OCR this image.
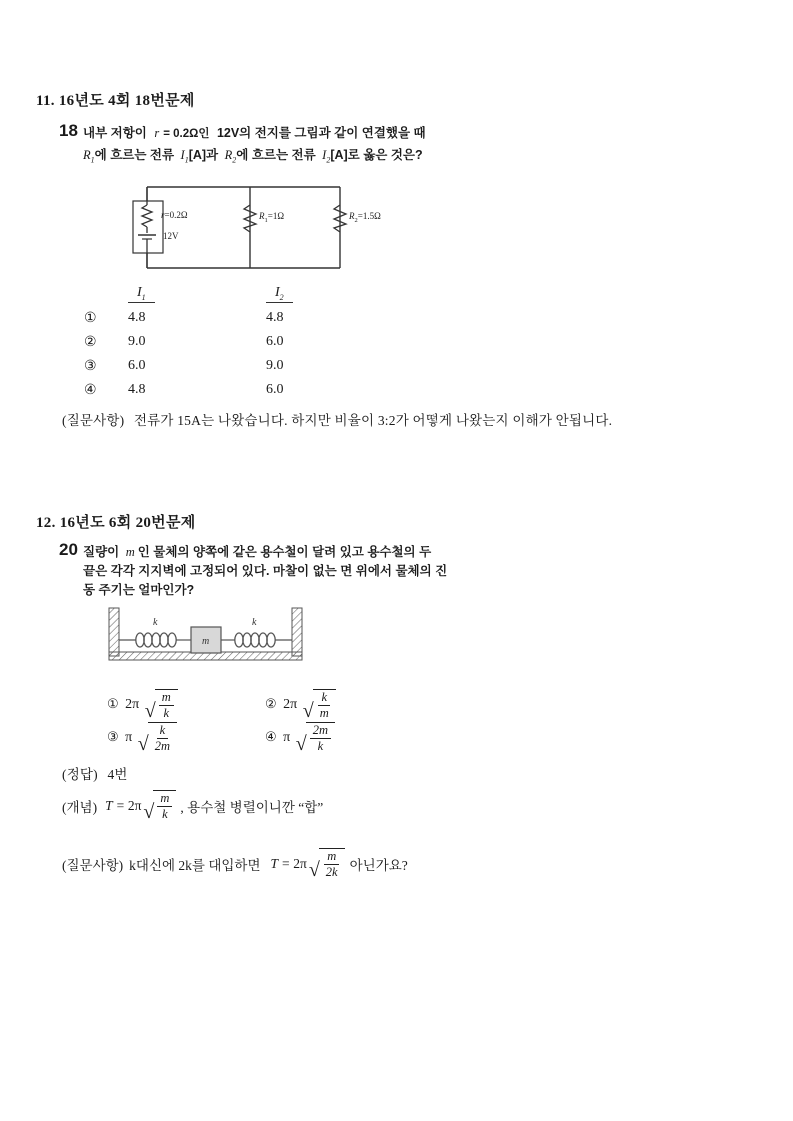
11. 16년도 4회 18번문제
18 내부 저항이 r = 0.2Ω인 12V의 전지를 그림과 같이 연결했을 때
$R_1$에 흐르는 전류 $I_1[A]$과 $R_2$에 흐르는 전류 $I_2[A]$로 옳은 것은?
r=0.2Ω
12V
$R_1=1\Omega$	$R_2=1.5\Omega$
	$I_1$		$I_2$
①	4.8		4.8
②	9.0		6.0
③	6.0		9.0
④	4.8		6.0
(질문사항) 전류가 15A는 나왔습니다. 하지만 비율이 3:2가 어떻게 나왔는지 이해가 안됩니다.
12. 16년도 6회 20번문제
20 질량이 m 인 물체의 양쪽에 같은 용수철이 달려 있고 용수철의 두
끝은 각각 지지벽에 고정되어 있다. 마찰이 없는 면 위에서 물체의 진
동 주기는 얼마인가?
k	k
m
① 2π √ $\frac{m}{k}$	② 2π √ $\frac{k}{m}$
③ π √ $\frac{k}{2m}$	④ π √ $\frac{2m}{k}$
(정답) 4번
(개념) T = 2π √ $\frac{m}{k}$ , 용수철 병렬이니깐 “합”
(질문사항) k대신에 2k를 대입하면 T = 2π √ $\frac{m}{2k}$ 아닌가요?
